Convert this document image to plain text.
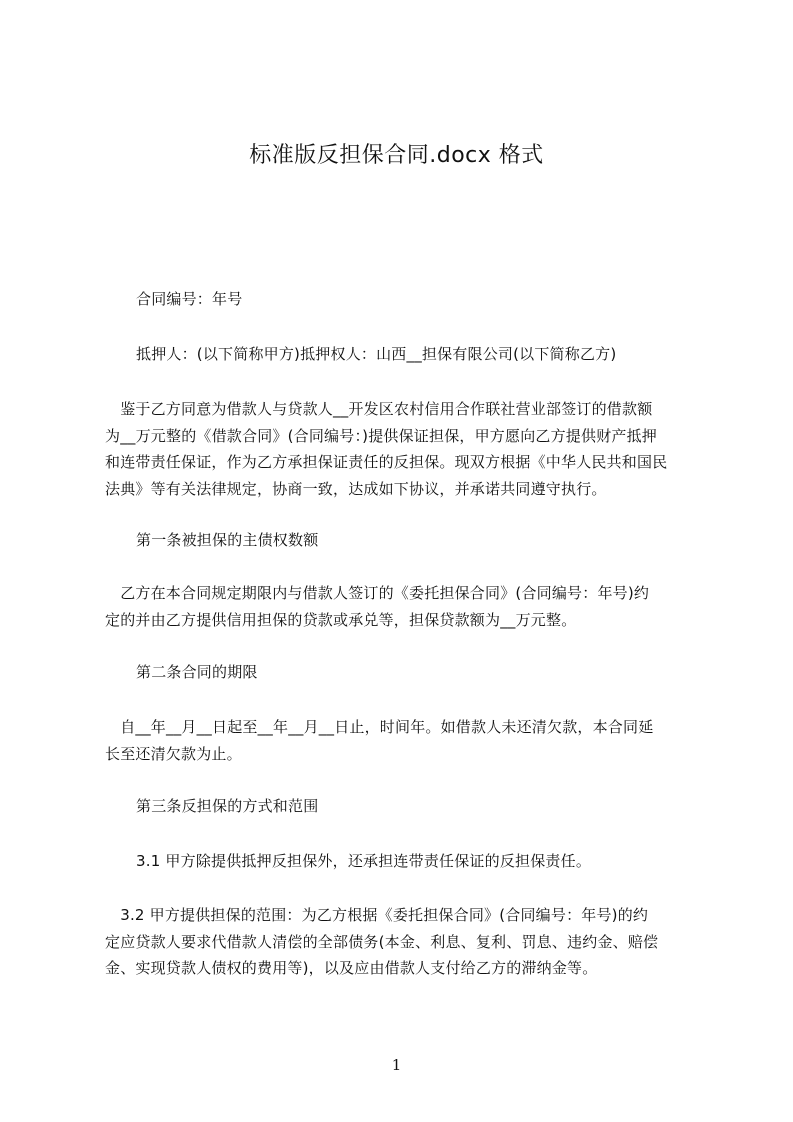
标准版反担保合同.docx 格式
合同编号：年号
抵押人：(以下简称甲方)抵押权人：山西__担保有限公司(以下简称乙方)
　鉴于乙方同意为借款人与贷款人__开发区农村信用合作联社营业部签订的借款额
为__万元整的《借款合同》(合同编号：)提供保证担保，甲方愿向乙方提供财产抵押
和连带责任保证，作为乙方承担保证责任的反担保。现双方根据《中华人民共和国民
法典》等有关法律规定，协商一致，达成如下协议，并承诺共同遵守执行。
第一条被担保的主债权数额
　乙方在本合同规定期限内与借款人签订的《委托担保合同》(合同编号：年号)约
定的并由乙方提供信用担保的贷款或承兑等，担保贷款额为__万元整。
第二条合同的期限
　自__年__月__日起至__年__月__日止，时间年。如借款人未还清欠款，本合同延
长至还清欠款为止。
第三条反担保的方式和范围
3.1 甲方除提供抵押反担保外，还承担连带责任保证的反担保责任。
　3.2 甲方提供担保的范围：为乙方根据《委托担保合同》(合同编号：年号)的约
定应贷款人要求代借款人清偿的全部债务(本金、利息、复利、罚息、违约金、赔偿
金、实现贷款人债权的费用等)，以及应由借款人支付给乙方的滞纳金等。
1
